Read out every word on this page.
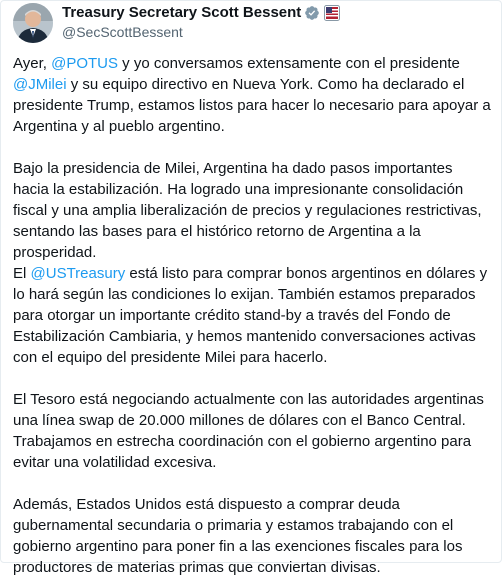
Treasury Secretary Scott Bessent
@SecScottBessent

Ayer, @POTUS y yo conversamos extensamente con el presidente @JMilei y su equipo directivo en Nueva York. Como ha declarado el presidente Trump, estamos listos para hacer lo necesario para apoyar a Argentina y al pueblo argentino.

Bajo la presidencia de Milei, Argentina ha dado pasos importantes hacia la estabilización. Ha logrado una impresionante consolidación fiscal y una amplia liberalización de precios y regulaciones restrictivas, sentando las bases para el histórico retorno de Argentina a la prosperidad.

El @USTreasury está listo para comprar bonos argentinos en dólares y lo hará según las condiciones lo exijan. También estamos preparados para otorgar un importante crédito stand-by a través del Fondo de Estabilización Cambiaria, y hemos mantenido conversaciones activas con el equipo del presidente Milei para hacerlo.

El Tesoro está negociando actualmente con las autoridades argentinas una línea swap de 20.000 millones de dólares con el Banco Central. Trabajamos en estrecha coordinación con el gobierno argentino para evitar una volatilidad excesiva.

Además, Estados Unidos está dispuesto a comprar deuda gubernamental secundaria o primaria y estamos trabajando con el gobierno argentino para poner fin a las exenciones fiscales para los productores de materias primas que conviertan divisas.
